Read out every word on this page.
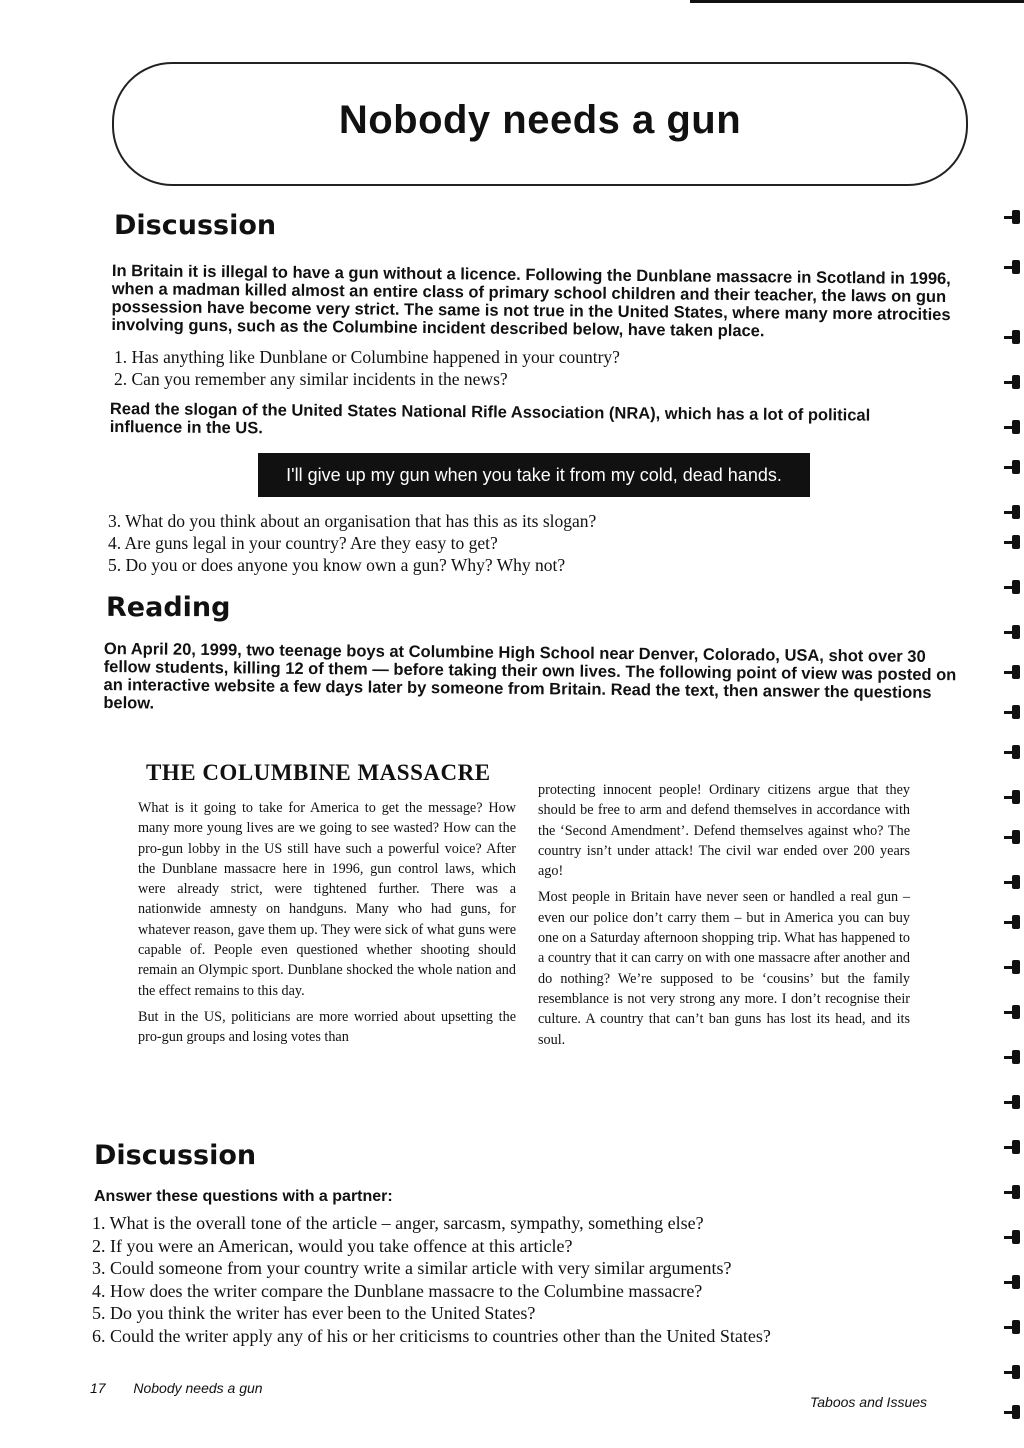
Nobody needs a gun
Discussion

In Britain it is illegal to have a gun without a licence. Following the Dunblane massacre in Scotland in 1996, when a madman killed almost an entire class of primary school children and their teacher, the laws on gun possession have become very strict. The same is not true in the United States, where many more atrocities involving guns, such as the Columbine incident described below, have taken place.

1. Has anything like Dunblane or Columbine happened in your country?
2. Can you remember any similar incidents in the news?

Read the slogan of the United States National Rifle Association (NRA), which has a lot of political influence in the US.

I'll give up my gun when you take it from my cold, dead hands.
3. What do you think about an organisation that has this as its slogan?
4. Are guns legal in your country? Are they easy to get?
5. Do you or does anyone you know own a gun? Why? Why not?
Reading

On April 20, 1999, two teenage boys at Columbine High School near Denver, Colorado, USA, shot over 30 fellow students, killing 12 of them — before taking their own lives. The following point of view was posted on an interactive website a few days later by someone from Britain. Read the text, then answer the questions below.

THE COLUMBINE MASSACRE

What is it going to take for America to get the message? How many more young lives are we going to see wasted? How can the pro-gun lobby in the US still have such a powerful voice? After the Dunblane massacre here in 1996, gun control laws, which were already strict, were tightened further. There was a nationwide amnesty on handguns. Many who had guns, for whatever reason, gave them up. They were sick of what guns were capable of. People even questioned whether shooting should remain an Olympic sport. Dunblane shocked the whole nation and the effect remains to this day.

But in the US, politicians are more worried about upsetting the pro-gun groups and losing votes than

protecting innocent people! Ordinary citizens argue that they should be free to arm and defend themselves in accordance with the ‘Second Amendment’. Defend themselves against who? The country isn’t under attack! The civil war ended over 200 years ago!

Most people in Britain have never seen or handled a real gun – even our police don’t carry them – but in America you can buy one on a Saturday afternoon shopping trip. What has happened to a country that it can carry on with one massacre after another and do nothing? We’re supposed to be ‘cousins’ but the family resemblance is not very strong any more. I don’t recognise their culture. A country that can’t ban guns has lost its head, and its soul.

Discussion

Answer these questions with a partner:

1. What is the overall tone of the article – anger, sarcasm, sympathy, something else?
2. If you were an American, would you take offence at this article?
3. Could someone from your country write a similar article with very similar arguments?
4. How does the writer compare the Dunblane massacre to the Columbine massacre?
5. Do you think the writer has ever been to the United States?
6. Could the writer apply any of his or her criticisms to countries other than the United States?
17 Nobody needs a gun
Taboos and Issues
